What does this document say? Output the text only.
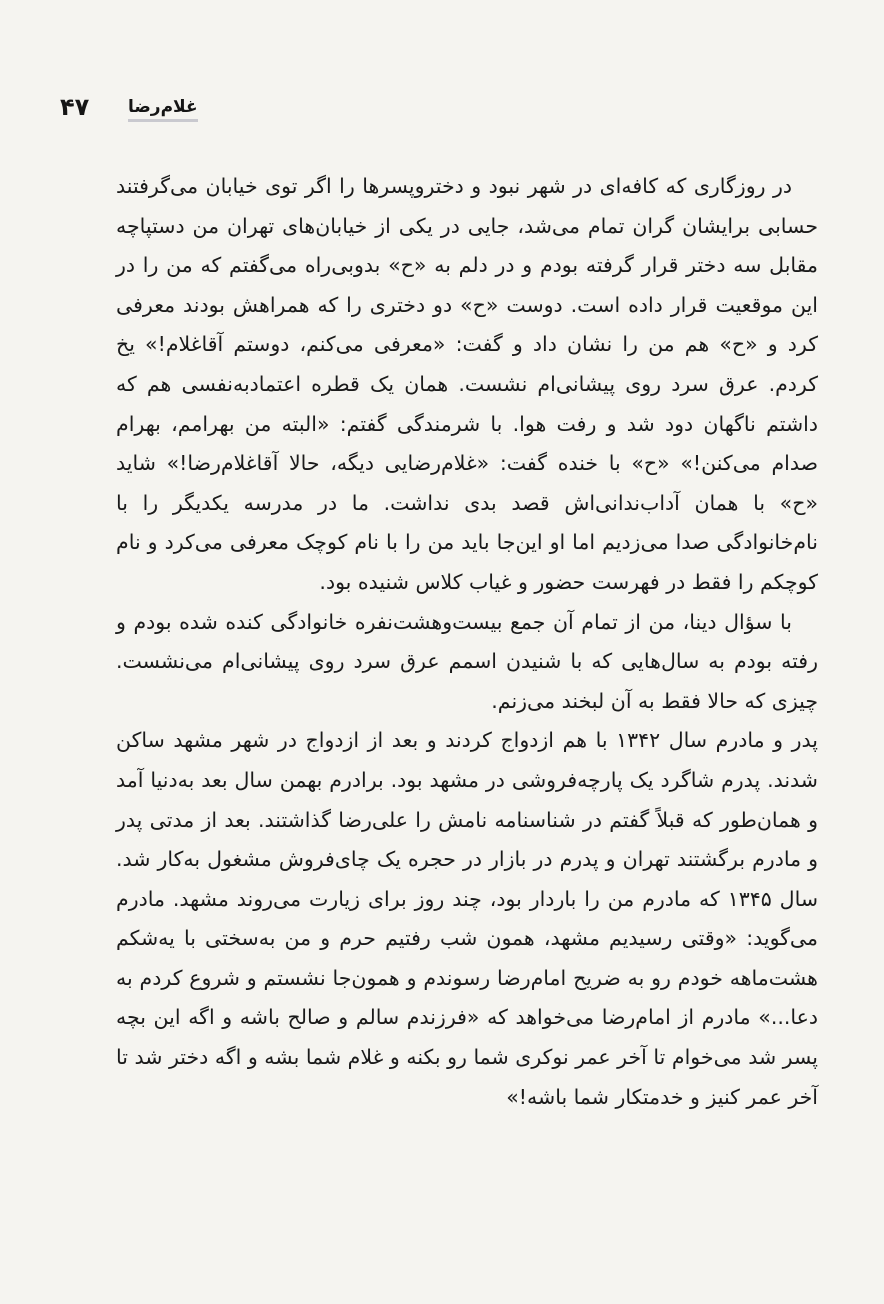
۴۷ غلام‌رضا

در روزگاری که کافه‌ای در شهر نبود و دخترو‌پسرها را اگر توی خیابان می‌گرفتند حسابی برایشان گران تمام می‌شد، جایی در یکی از خیابان‌های تهران من دستپاچه مقابل سه دختر قرار گرفته بودم و در دلم به «ح» بدوبی‌راه می‌گفتم که من را در این موقعیت قرار داده است. دوست «ح» دو دختری را که همراهش بودند معرفی کرد و «ح» هم من را نشان داد و گفت: «معرفی می‌کنم، دوستم آقاغلام!» یخ کردم. عرق سرد روی پیشانی‌ام نشست. همان یک قطره اعتمادبه‌نفسی هم که داشتم ناگهان دود شد و رفت هوا. با شرمندگی گفتم: «البته من بهرامم، بهرام صدام می‌کنن!» «ح» با خنده گفت: «غلام‌رضایی دیگه، حالا آقاغلام‌رضا!» شاید «ح» با همان آداب‌ندانی‌اش قصد بدی نداشت. ما در مدرسه یکدیگر را با نام‌خانوادگی صدا می‌زدیم اما او این‌جا باید من را با نام کوچک معرفی می‌کرد و نام کوچکم را فقط در فهرست حضور و غیاب کلاس شنیده بود.

با سؤال دینا، من از تمام آن جمع بیست‌وهشت‌نفره خانوادگی کنده شده بودم و رفته بودم به سال‌هایی که با شنیدن اسمم عرق سرد روی پیشانی‌ام می‌نشست. چیزی که حالا فقط به آن لبخند می‌زنم.

پدر و مادرم سال ۱۳۴۲ با هم ازدواج کردند و بعد از ازدواج در شهر مشهد ساکن شدند. پدرم شاگرد یک پارچه‌فروشی در مشهد بود. برادرم بهمن سال بعد به‌دنیا آمد و همان‌طور که قبلاً گفتم در شناسنامه نامش را علی‌رضا گذاشتند. بعد از مدتی پدر و مادرم برگشتند تهران و پدرم در بازار در حجره یک چای‌فروش مشغول به‌کار شد. سال ۱۳۴۵ که مادرم من را باردار بود، چند روز برای زیارت می‌روند مشهد. مادرم می‌گوید: «وقتی رسیدیم مشهد، همون شب رفتیم حرم و من به‌سختی با یه‌شکم هشت‌ماهه خودم رو به ضریح امام‌رضا رسوندم و همون‌جا نشستم و شروع کردم به دعا...» مادرم از امام‌رضا می‌خواهد که «فرزندم سالم و صالح باشه و اگه این بچه پسر شد می‌خوام تا آخر عمر نوکری شما رو بکنه و غلام شما بشه و اگه دختر شد تا آخر عمر کنیز و خدمتکار شما باشه!»
